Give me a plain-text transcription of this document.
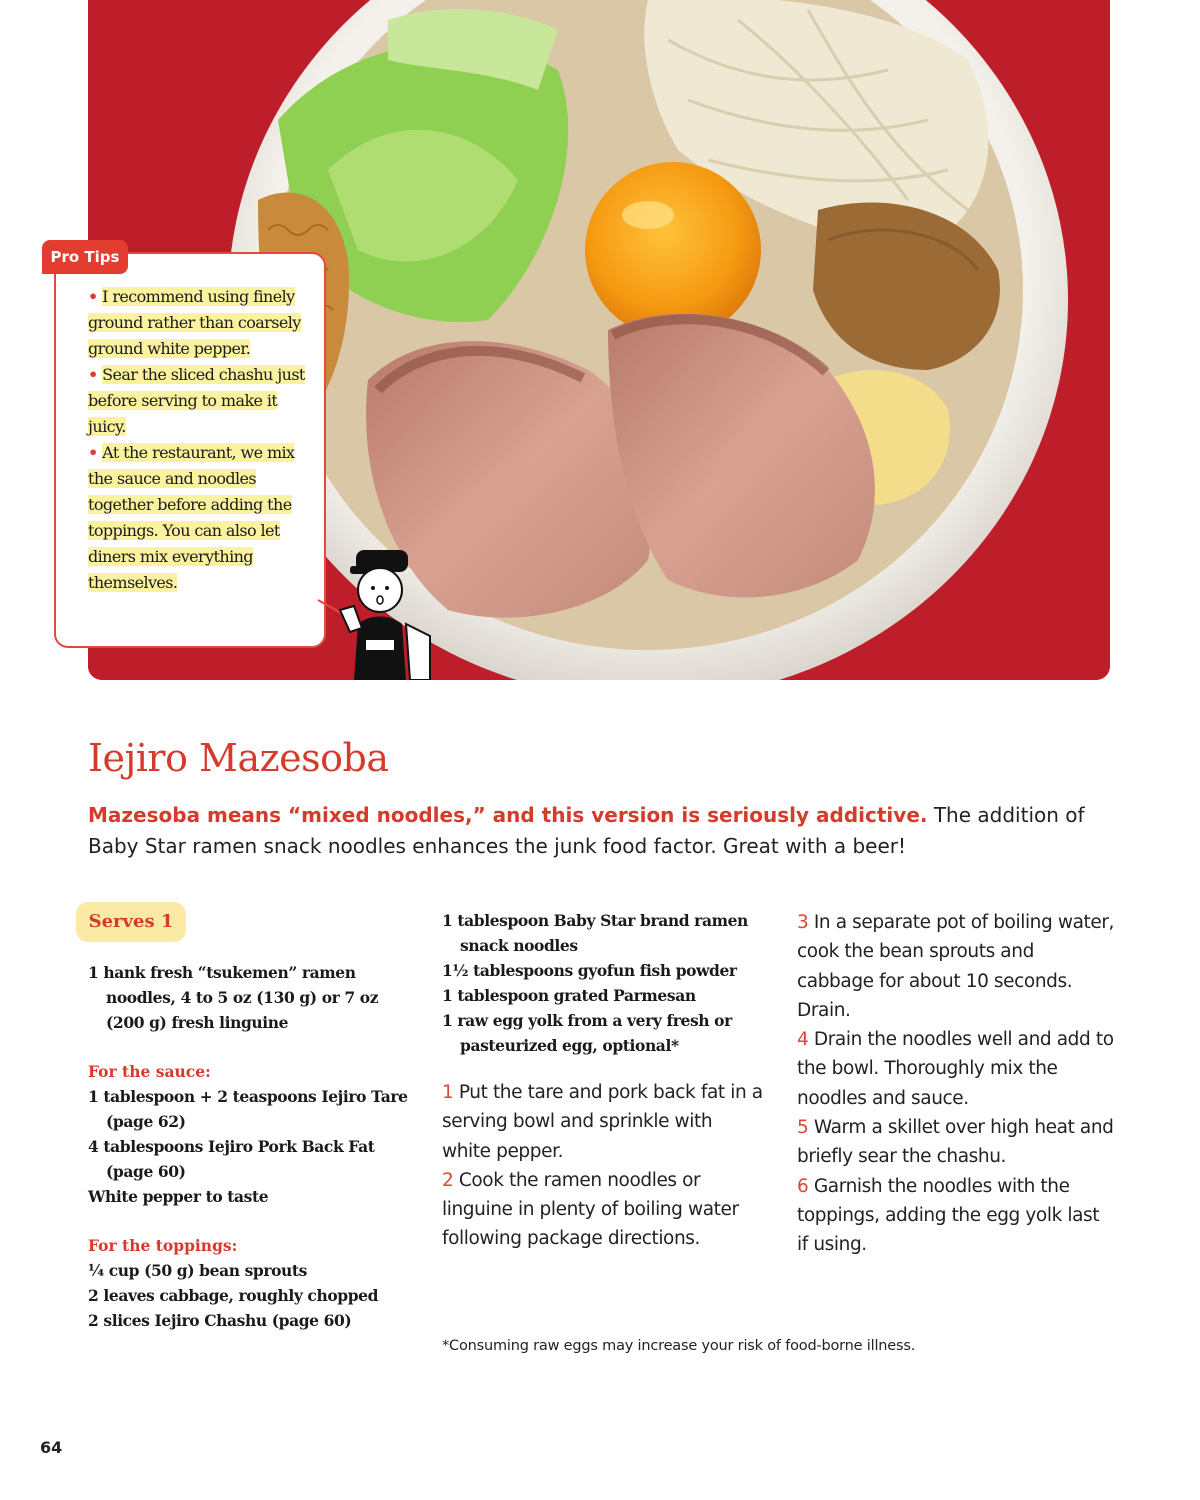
Pro Tips

• I recommend using finely ground rather than coarsely ground white pepper.

• Sear the sliced chashu just before serving to make it juicy.

• At the restaurant, we mix the sauce and noodles together before adding the toppings. You can also let diners mix everything themselves.

Iejiro Mazesoba

Mazesoba means “mixed noodles,” and this version is seriously addictive. The addition of Baby Star ramen snack noodles enhances the junk food factor. Great with a beer!

Serves 1

1 hank fresh “tsukemen” ramen noodles, 4 to 5 oz (130 g) or 7 oz (200 g) fresh linguine

For the sauce:

1 tablespoon + 2 teaspoons Iejiro Tare (page 62)

4 tablespoons Iejiro Pork Back Fat (page 60)

White pepper to taste

For the toppings:

¼ cup (50 g) bean sprouts

2 leaves cabbage, roughly chopped

2 slices Iejiro Chashu (page 60)

1 tablespoon Baby Star brand ramen snack noodles

1½ tablespoons gyofun fish powder

1 tablespoon grated Parmesan

1 raw egg yolk from a very fresh or pasteurized egg, optional*

1 Put the tare and pork back fat in a serving bowl and sprinkle with white pepper.

2 Cook the ramen noodles or linguine in plenty of boiling water following package directions.

3 In a separate pot of boiling water, cook the bean sprouts and cabbage for about 10 seconds. Drain.

4 Drain the noodles well and add to the bowl. Thoroughly mix the noodles and sauce.

5 Warm a skillet over high heat and briefly sear the chashu.

6 Garnish the noodles with the toppings, adding the egg yolk last if using.

*Consuming raw eggs may increase your risk of food-borne illness.

64
